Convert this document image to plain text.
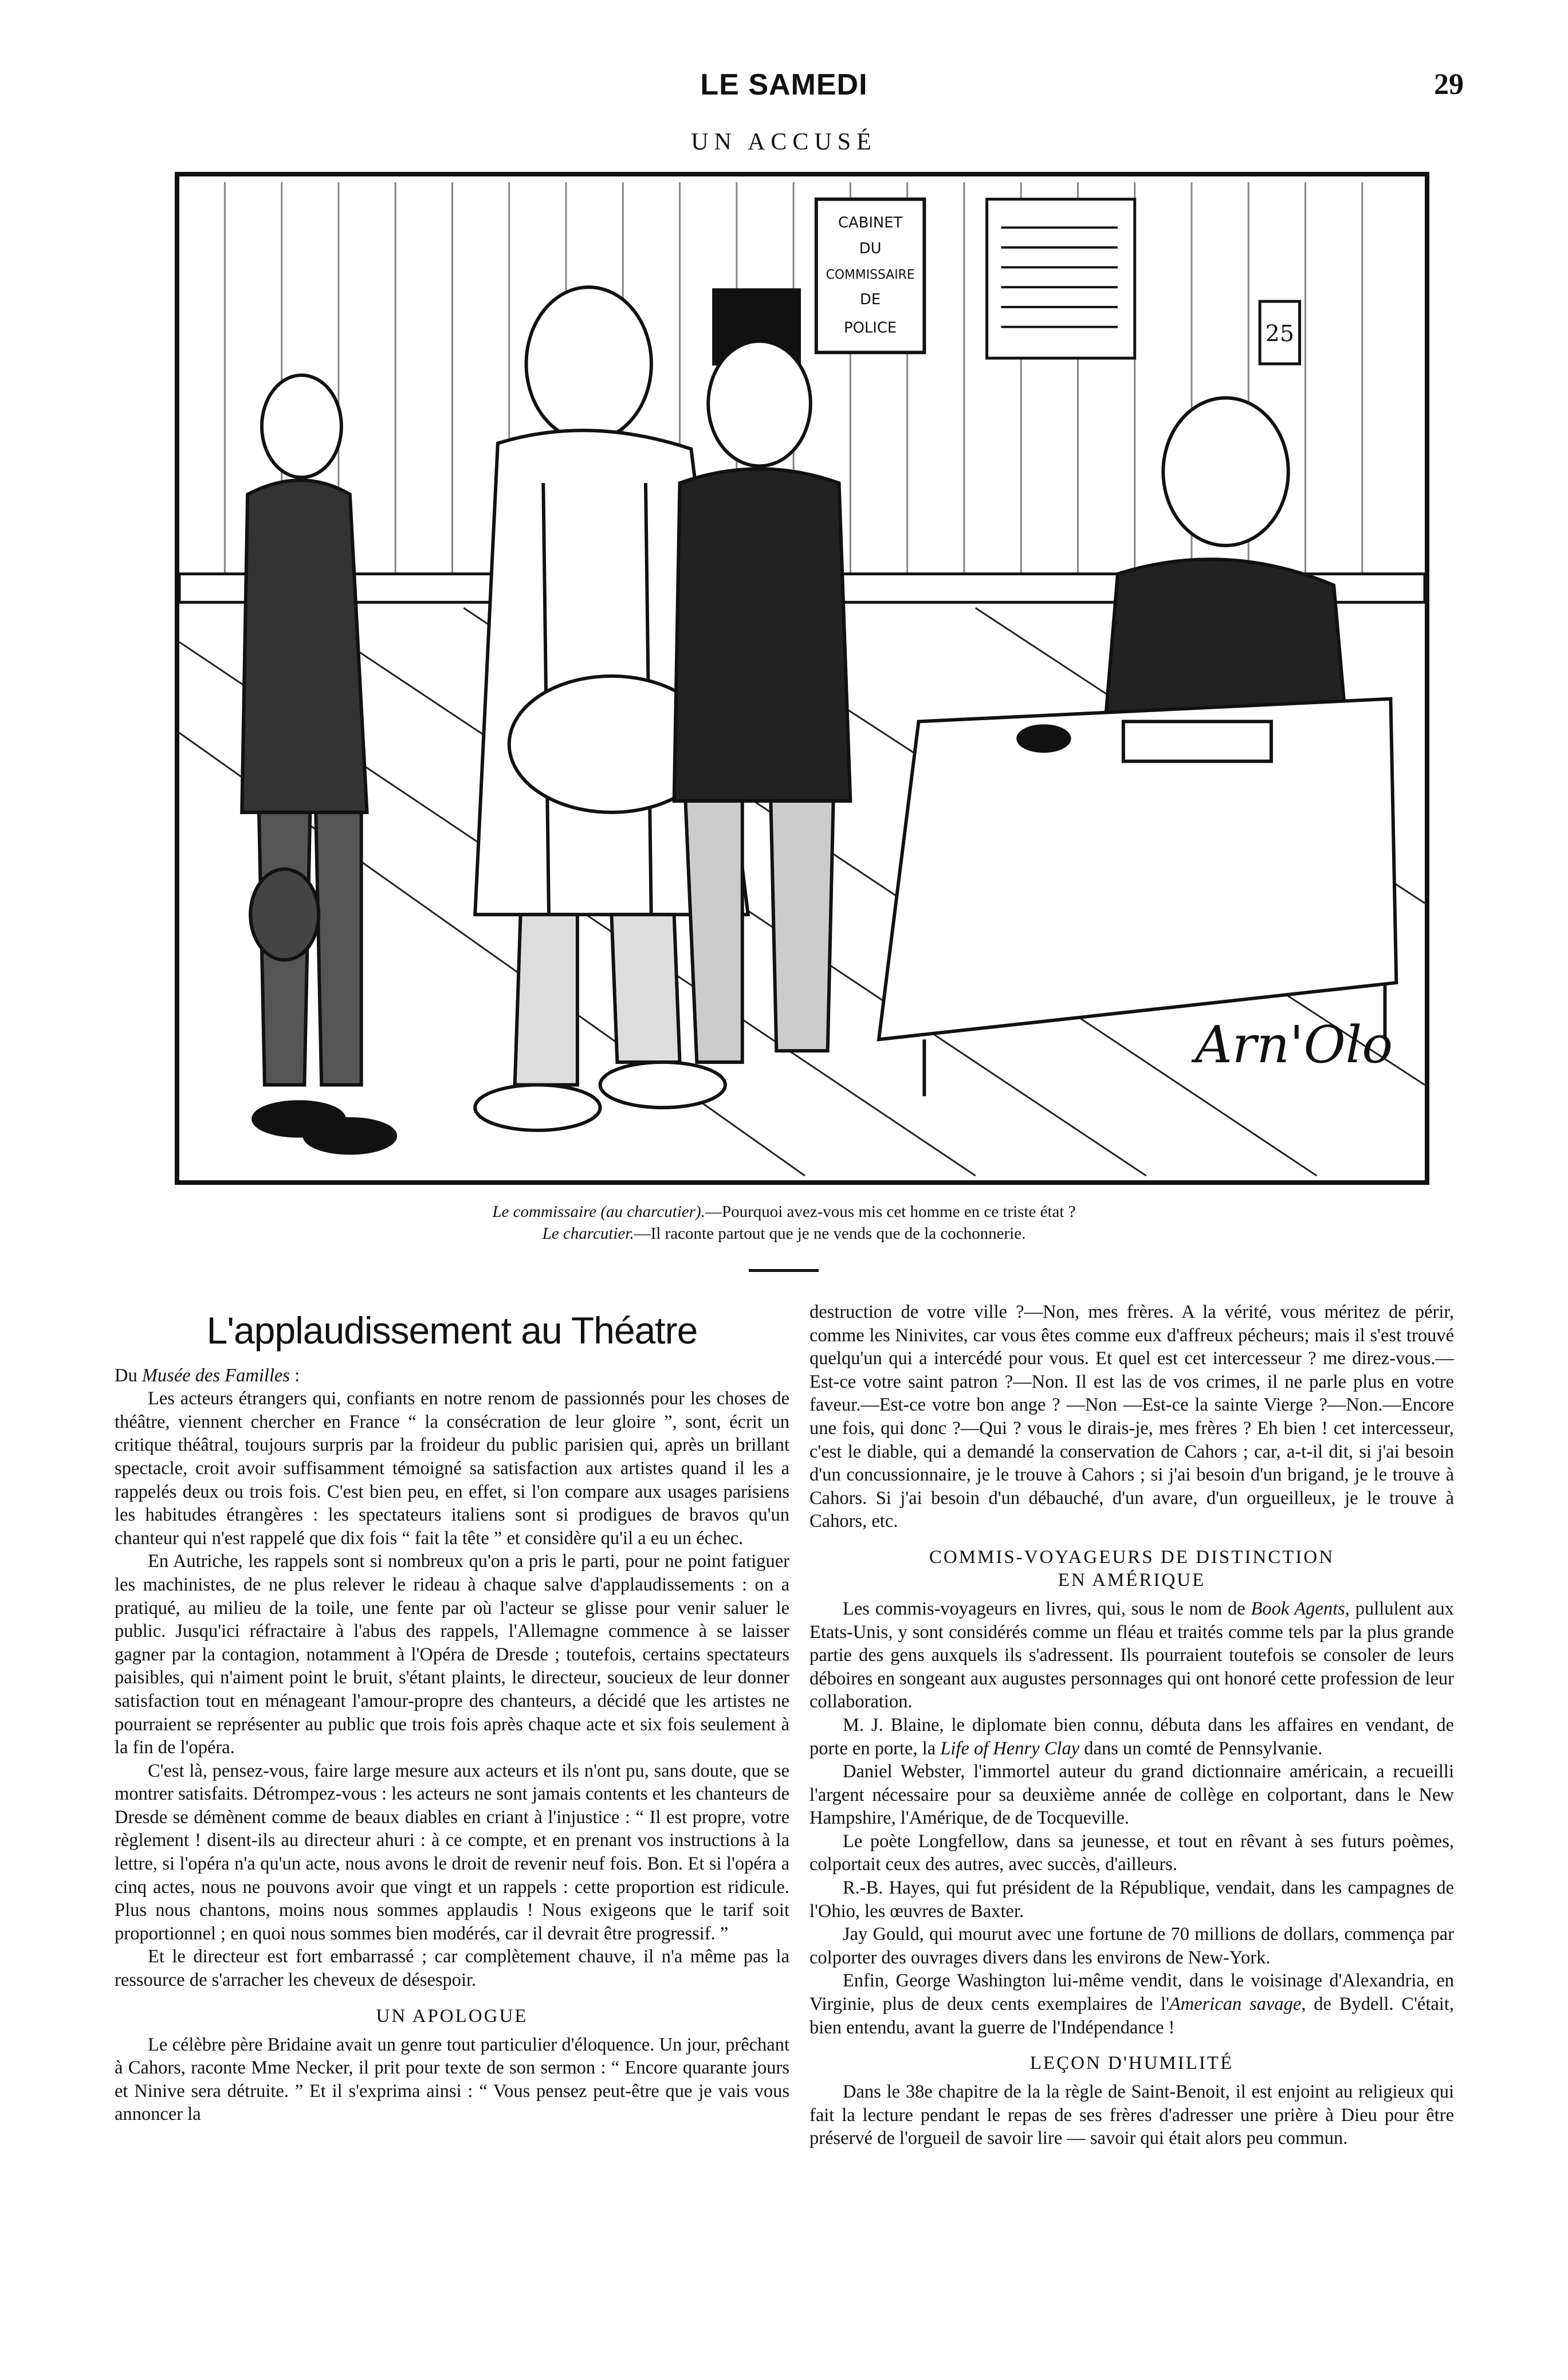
LE SAMEDI	29
UN ACCUSÉ
CABINET
DU
COMMISSAIRE
DE
POLICE	25
Arn'Olo
Le commissaire (au charcutier).—Pourquoi avez-vous mis cet homme en ce triste état ?
Le charcutier.—Il raconte partout que je ne vends que de la cochonnerie.
L'applaudissement au Théatre

Du Musée des Familles :

Les acteurs étrangers qui, confiants en notre renom de passionnés pour les choses de théâtre, viennent chercher en France “ la consécration de leur gloire ”, sont, écrit un critique théâtral, toujours surpris par la froideur du public parisien qui, après un brillant spectacle, croit avoir suffisamment témoigné sa satisfaction aux artistes quand il les a rappelés deux ou trois fois. C'est bien peu, en effet, si l'on compare aux usages parisiens les habitudes étrangères : les spectateurs italiens sont si prodigues de bravos qu'un chanteur qui n'est rappelé que dix fois “ fait la tête ” et considère qu'il a eu un échec.

En Autriche, les rappels sont si nombreux qu'on a pris le parti, pour ne point fatiguer les machinistes, de ne plus relever le rideau à chaque salve d'applaudissements : on a pratiqué, au milieu de la toile, une fente par où l'acteur se glisse pour venir saluer le public. Jusqu'ici réfractaire à l'abus des rappels, l'Allemagne commence à se laisser gagner par la contagion, notamment à l'Opéra de Dresde ; toutefois, certains spectateurs paisibles, qui n'aiment point le bruit, s'étant plaints, le directeur, soucieux de leur donner satisfaction tout en ménageant l'amour-propre des chanteurs, a décidé que les artistes ne pourraient se représenter au public que trois fois après chaque acte et six fois seulement à la fin de l'opéra.

C'est là, pensez-vous, faire large mesure aux acteurs et ils n'ont pu, sans doute, que se montrer satisfaits. Détrompez-vous : les acteurs ne sont jamais contents et les chanteurs de Dresde se démènent comme de beaux diables en criant à l'injustice : “ Il est propre, votre règlement ! disent-ils au directeur ahuri : à ce compte, et en prenant vos instructions à la lettre, si l'opéra n'a qu'un acte, nous avons le droit de revenir neuf fois. Bon. Et si l'opéra a cinq actes, nous ne pouvons avoir que vingt et un rappels : cette proportion est ridicule. Plus nous chantons, moins nous sommes applaudis ! Nous exigeons que le tarif soit proportionnel ; en quoi nous sommes bien modérés, car il devrait être progressif. ”

Et le directeur est fort embarrassé ; car complètement chauve, il n'a même pas la ressource de s'arracher les cheveux de désespoir.

UN APOLOGUE

Le célèbre père Bridaine avait un genre tout particulier d'éloquence. Un jour, prêchant à Cahors, raconte Mme Necker, il prit pour texte de son sermon : “ Encore quarante jours et Ninive sera détruite. ” Et il s'exprima ainsi : “ Vous pensez peut-être que je vais vous annoncer la

destruction de votre ville ?—Non, mes frères. A la vérité, vous méritez de périr, comme les Ninivites, car vous êtes comme eux d'affreux pécheurs; mais il s'est trouvé quelqu'un qui a intercédé pour vous. Et quel est cet intercesseur ? me direz-vous.—Est-ce votre saint patron ?—Non. Il est las de vos crimes, il ne parle plus en votre faveur.—Est-ce votre bon ange ? —Non —Est-ce la sainte Vierge ?—Non.—Encore une fois, qui donc ?—Qui ? vous le dirais-je, mes frères ? Eh bien ! cet intercesseur, c'est le diable, qui a demandé la conservation de Cahors ; car, a-t-il dit, si j'ai besoin d'un concussionnaire, je le trouve à Cahors ; si j'ai besoin d'un brigand, je le trouve à Cahors. Si j'ai besoin d'un débauché, d'un avare, d'un orgueilleux, je le trouve à Cahors, etc.

COMMIS-VOYAGEURS DE DISTINCTION
EN AMÉRIQUE

Les commis-voyageurs en livres, qui, sous le nom de Book Agents, pullulent aux Etats-Unis, y sont considérés comme un fléau et traités comme tels par la plus grande partie des gens auxquels ils s'adressent. Ils pourraient toutefois se consoler de leurs déboires en songeant aux augustes personnages qui ont honoré cette profession de leur collaboration.

M. J. Blaine, le diplomate bien connu, débuta dans les affaires en vendant, de porte en porte, la Life of Henry Clay dans un comté de Pennsylvanie.

Daniel Webster, l'immortel auteur du grand dictionnaire américain, a recueilli l'argent nécessaire pour sa deuxième année de collège en colportant, dans le New Hampshire, l'Amérique, de de Tocqueville.

Le poète Longfellow, dans sa jeunesse, et tout en rêvant à ses futurs poèmes, colportait ceux des autres, avec succès, d'ailleurs.

R.-B. Hayes, qui fut président de la République, vendait, dans les campagnes de l'Ohio, les œuvres de Baxter.

Jay Gould, qui mourut avec une fortune de 70 millions de dollars, commença par colporter des ouvrages divers dans les environs de New-York.

Enfin, George Washington lui-même vendit, dans le voisinage d'Alexandria, en Virginie, plus de deux cents exemplaires de l'American savage, de Bydell. C'était, bien entendu, avant la guerre de l'Indépendance !

LEÇON D'HUMILITÉ

Dans le 38e chapitre de la la règle de Saint-Benoit, il est enjoint au religieux qui fait la lecture pendant le repas de ses frères d'adresser une prière à Dieu pour être préservé de l'orgueil de savoir lire — savoir qui était alors peu commun.
